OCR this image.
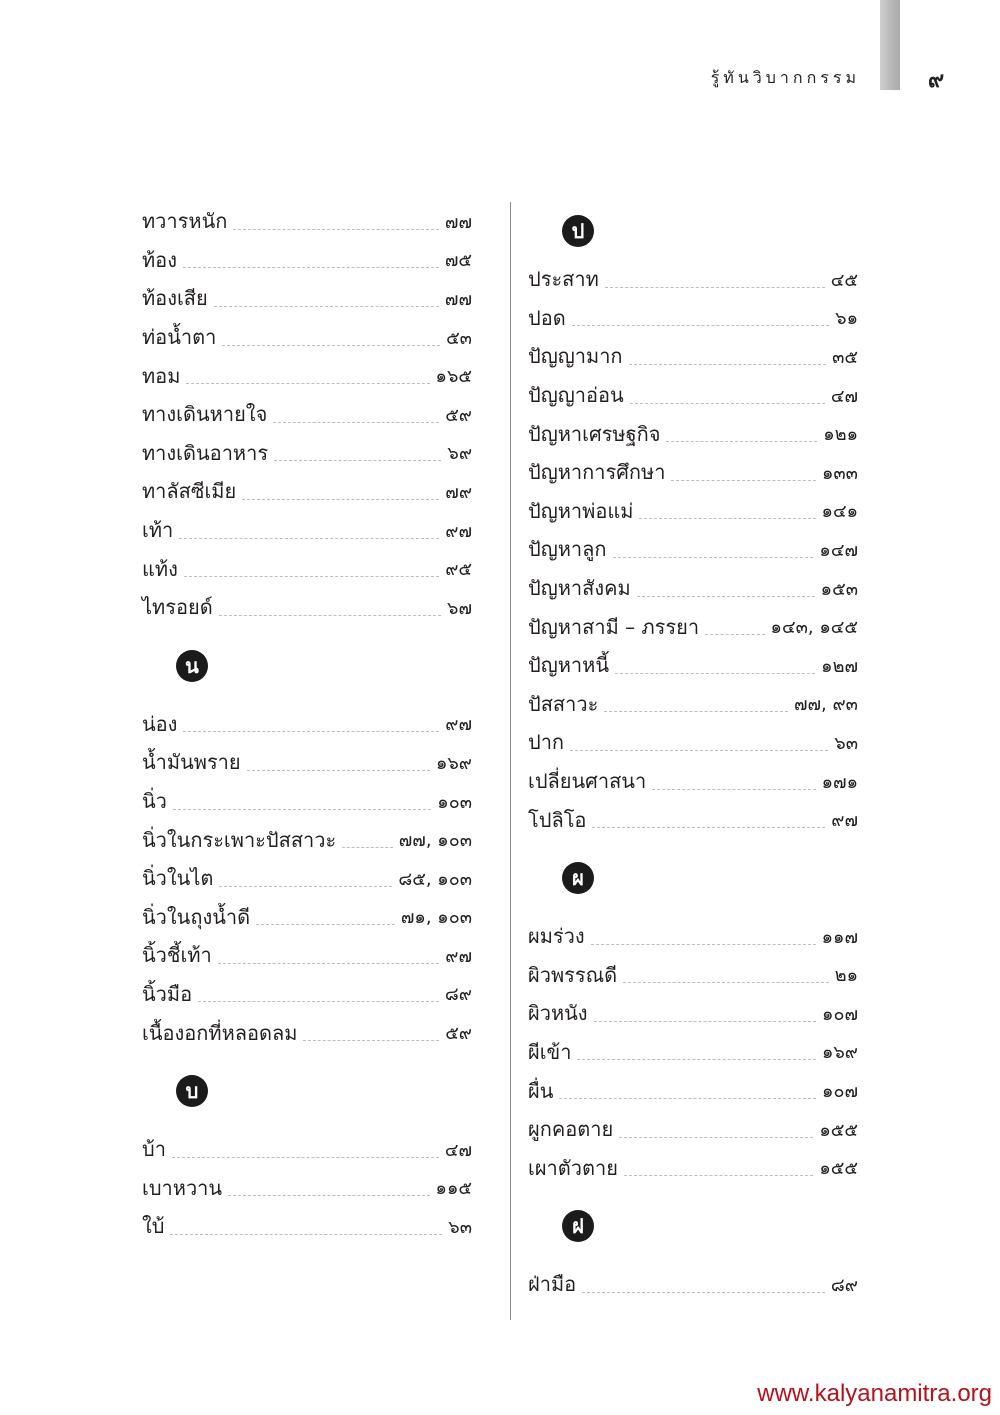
รู้ทันวิบากกรรม	๙
ทวารหนัก	๗๗
ท้อง	๗๕
ท้องเสีย	๗๗
ท่อน้ำตา	๕๓
ทอม	๑๖๕
ทางเดินหายใจ	๕๙
ทางเดินอาหาร	๖๙
ทาลัสซีเมีย	๗๙
เท้า	๙๗
แท้ง	๙๕
ไทรอยด์	๖๗
น
น่อง	๙๗
น้ำมันพราย	๑๖๙
นิ่ว	๑๐๓
นิ่วในกระเพาะปัสสาวะ	๗๗, ๑๐๓
นิ่วในไต	๘๕, ๑๐๓
นิ่วในถุงน้ำดี	๗๑, ๑๐๓
นิ้วชี้เท้า	๙๗
นิ้วมือ	๘๙
เนื้องอกที่หลอดลม	๕๙
บ
บ้า	๔๗
เบาหวาน	๑๑๕
ใบ้	๖๓
ป
ประสาท	๔๕
ปอด	๖๑
ปัญญามาก	๓๕
ปัญญาอ่อน	๔๗
ปัญหาเศรษฐกิจ	๑๒๑
ปัญหาการศึกษา	๑๓๓
ปัญหาพ่อแม่	๑๔๑
ปัญหาลูก	๑๔๗
ปัญหาสังคม	๑๕๓
ปัญหาสามี – ภรรยา	๑๔๓, ๑๔๕
ปัญหาหนี้	๑๒๗
ปัสสาวะ	๗๗, ๙๓
ปาก	๖๓
เปลี่ยนศาสนา	๑๗๑
โปลิโอ	๙๗
ผ
ผมร่วง	๑๑๗
ผิวพรรณดี	๒๑
ผิวหนัง	๑๐๗
ผีเข้า	๑๖๙
ผื่น	๑๐๗
ผูกคอตาย	๑๕๕
เผาตัวตาย	๑๕๕
ฝ
ฝ่ามือ	๘๙
www.kalyanamitra.org
